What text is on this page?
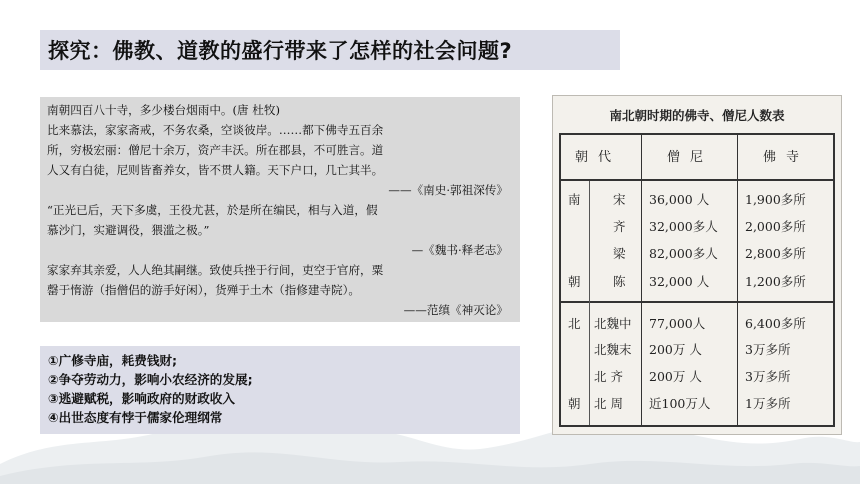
探究：佛教、道教的盛行带来了怎样的社会问题?
南朝四百八十寺，多少楼台烟雨中。(唐 杜牧)
比来慕法，家家斋戒，不务农桑，空谈彼岸。……都下佛寺五百余
所，穷极宏丽：僧尼十余万，资产丰沃。所在郡县，不可胜言。道
人又有白徒，尼则皆畜养女，皆不贯人籍。天下户口，几亡其半。
——《南史·郭祖深传》
“正光已后，天下多虞，王役尤甚，於是所在编民，相与入道，假
慕沙门，实避调役，猥滥之极。”
—《魏书·释老志》
家家弃其亲爱，人人绝其嗣继。致使兵挫于行间，吏空于官府，粟
罄于惰游（指僧侣的游手好闲），货殚于土木（指修建寺院）。
——范缜《神灭论》
①广修寺庙，耗费钱财;
②争夺劳动力，影响小农经济的发展;
③逃避赋税，影响政府的财政收入
④出世态度有悖于儒家伦理纲常
南北朝时期的佛寺、僧尼人数表
朝代	僧尼	佛寺
南
朝
宋 36,000 人	1,900多所
齐 32,000多人 2,000多所
梁 82,000多人 2,800多所
陈 32,000 人	1,200多所
北
朝
北魏中 77,000人	6,400多所
北魏末 200万 人	3万多所
北 齐 200万 人	3万多所
北 周 近100万人	1万多所
